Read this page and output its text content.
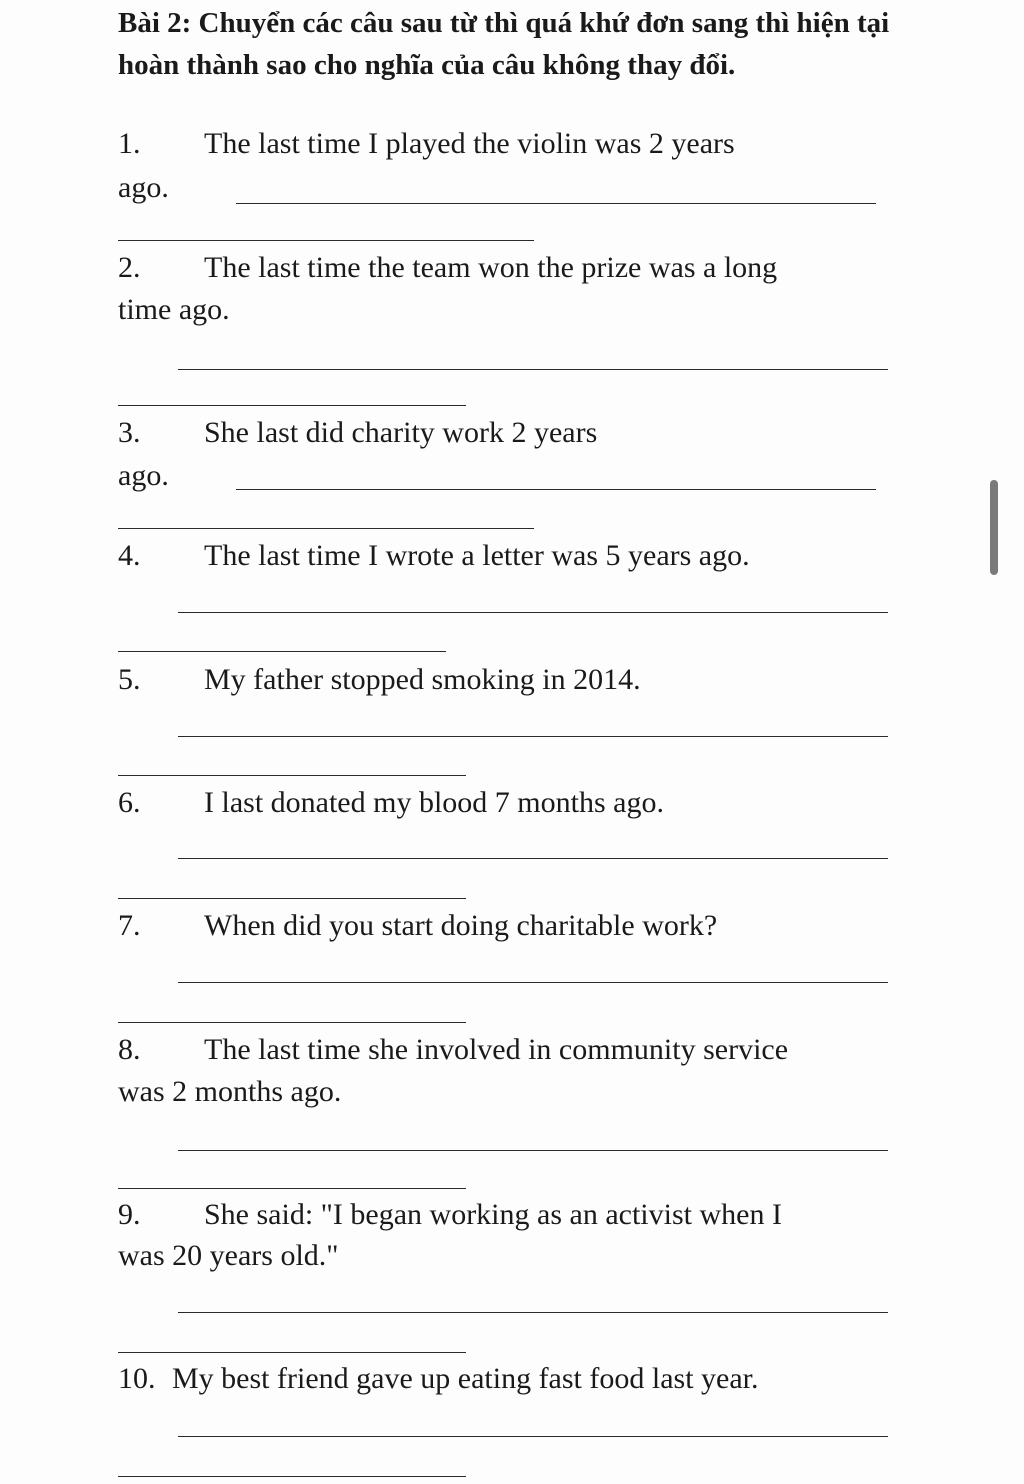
Bài 2: Chuyển các câu sau từ thì quá khứ đơn sang thì hiện tại hoàn thành sao cho nghĩa của câu không thay đổi.

1. The last time I played the violin was 2 years
ago.
2. The last time the team won the prize was a long
time ago.
3. She last did charity work 2 years
ago.
4. The last time I wrote a letter was 5 years ago.
5. My father stopped smoking in 2014.
6. I last donated my blood 7 months ago.
7. When did you start doing charitable work?
8. The last time she involved in community service
was 2 months ago.
9. She said: "I began working as an activist when I
was 20 years old."
10. My best friend gave up eating fast food last year.
